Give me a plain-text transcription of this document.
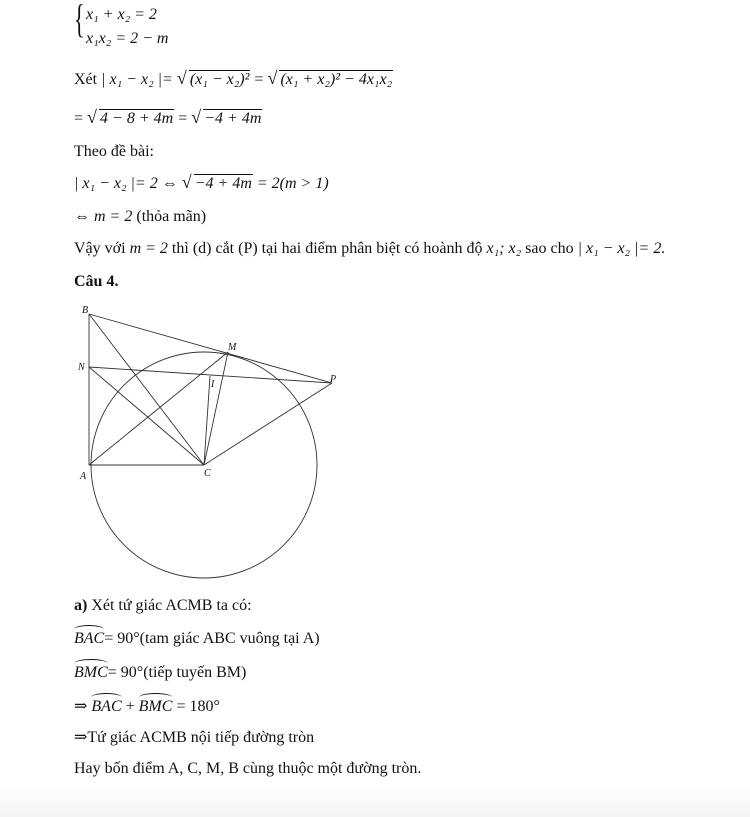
{ x₁ + x₂ = 2
x₁x₂ = 2 − m
Xét | x₁ − x₂ |= √ (x₁ − x₂)² = √ (x₁ + x₂)² − 4x₁x₂
= √ 4 − 8 + 4m = √ −4 + 4m
Theo đề bài:
| x₁ − x₂ |= 2 ⇔ √ −4 + 4m = 2(m > 1)
⇔ m = 2 (thỏa mãn)
Vậy với m = 2 thì (d) cắt (P) tại hai điểm phân biệt có hoành độ x₁; x₂ sao cho | x₁ − x₂ |= 2.
Câu 4.
B
N
A	C
M
I	P
a) Xét tứ giác ACMB ta có:
BAC= 90°(tam giác ABC vuông tại A)
BMC= 90°(tiếp tuyến BM)
⇒ BAC + BMC = 180°
⇒Tứ giác ACMB nội tiếp đường tròn
Hay bốn điểm A, C, M, B cùng thuộc một đường tròn.
